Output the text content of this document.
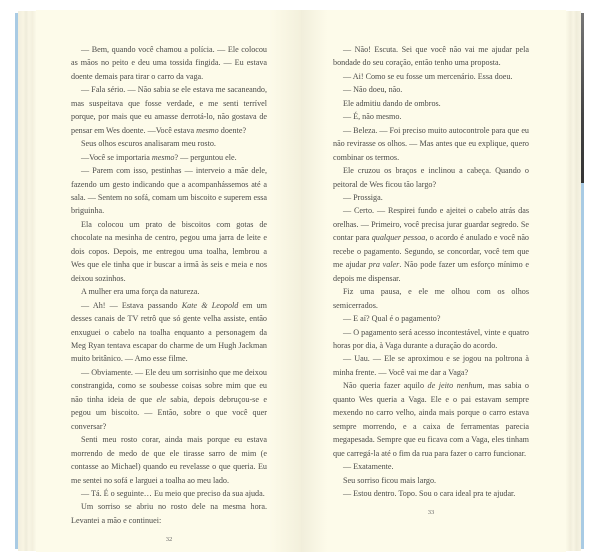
— Bem, quando você chamou a polícia. — Ele colocou as mãos no peito e deu uma tossida fingida. — Eu estava doente demais para tirar o carro da vaga.

— Fala sério. — Não sabia se ele estava me sacaneando, mas suspeitava que fosse verdade, e me senti terrível porque, por mais que eu amasse derrotá-lo, não gostava de pensar em Wes doente. —Você estava mesmo doente?

Seus olhos escuros analisaram meu rosto.

—Você se importaria mesmo? — perguntou ele.

— Parem com isso, pestinhas — interveio a mãe dele, fazendo um gesto indicando que a acompanhássemos até a sala. — Sentem no sofá, comam um biscoito e superem essa briguinha.

Ela colocou um prato de biscoitos com gotas de chocolate na mesinha de centro, pegou uma jarra de leite e dois copos. Depois, me entregou uma toalha, lembrou a Wes que ele tinha que ir buscar a irmã às seis e meia e nos deixou sozinhos.

A mulher era uma força da natureza.

— Ah! — Estava passando Kate & Leopold em um desses canais de TV retrô que só gente velha assiste, então enxuguei o cabelo na toalha enquanto a personagem da Meg Ryan tentava escapar do charme de um Hugh Jackman muito britânico. — Amo esse filme.

— Obviamente. — Ele deu um sorrisinho que me deixou constrangida, como se soubesse coisas sobre mim que eu não tinha ideia de que ele sabia, depois debruçou-se e pegou um biscoito. — Então, sobre o que você quer conversar?

Senti meu rosto corar, ainda mais porque eu estava morrendo de medo de que ele tirasse sarro de mim (e contasse ao Michael) quando eu revelasse o que queria. Eu me sentei no sofá e larguei a toalha ao meu lado.

— Tá. É o seguinte… Eu meio que preciso da sua ajuda.

Um sorriso se abriu no rosto dele na mesma hora. Levantei a mão e continuei:

32

— Não! Escuta. Sei que você não vai me ajudar pela bondade do seu coração, então tenho uma proposta.

— Ai! Como se eu fosse um mercenário. Essa doeu.

— Não doeu, não.

Ele admitiu dando de ombros.

— É, não mesmo.

— Beleza. — Foi preciso muito autocontrole para que eu não revirasse os olhos. — Mas antes que eu explique, quero combinar os termos.

Ele cruzou os braços e inclinou a cabeça. Quando o peitoral de Wes ficou tão largo?

— Prossiga.

— Certo. — Respirei fundo e ajeitei o cabelo atrás das orelhas. — Primeiro, você precisa jurar guardar segredo. Se contar para qualquer pessoa, o acordo é anulado e você não recebe o pagamento. Segundo, se concordar, você tem que me ajudar pra valer. Não pode fazer um esforço mínimo e depois me dispensar.

Fiz uma pausa, e ele me olhou com os olhos semicerrados.

— E aí? Qual é o pagamento?

— O pagamento será acesso incontestável, vinte e quatro horas por dia, à Vaga durante a duração do acordo.

— Uau. — Ele se aproximou e se jogou na poltrona à minha frente. — Você vai me dar a Vaga?

Não queria fazer aquilo de jeito nenhum, mas sabia o quanto Wes queria a Vaga. Ele e o pai estavam sempre mexendo no carro velho, ainda mais porque o carro estava sempre morrendo, e a caixa de ferramentas parecia megapesada. Sempre que eu ficava com a Vaga, eles tinham que carregá-la até o fim da rua para fazer o carro funcionar.

— Exatamente.

Seu sorriso ficou mais largo.

— Estou dentro. Topo. Sou o cara ideal pra te ajudar.

33
